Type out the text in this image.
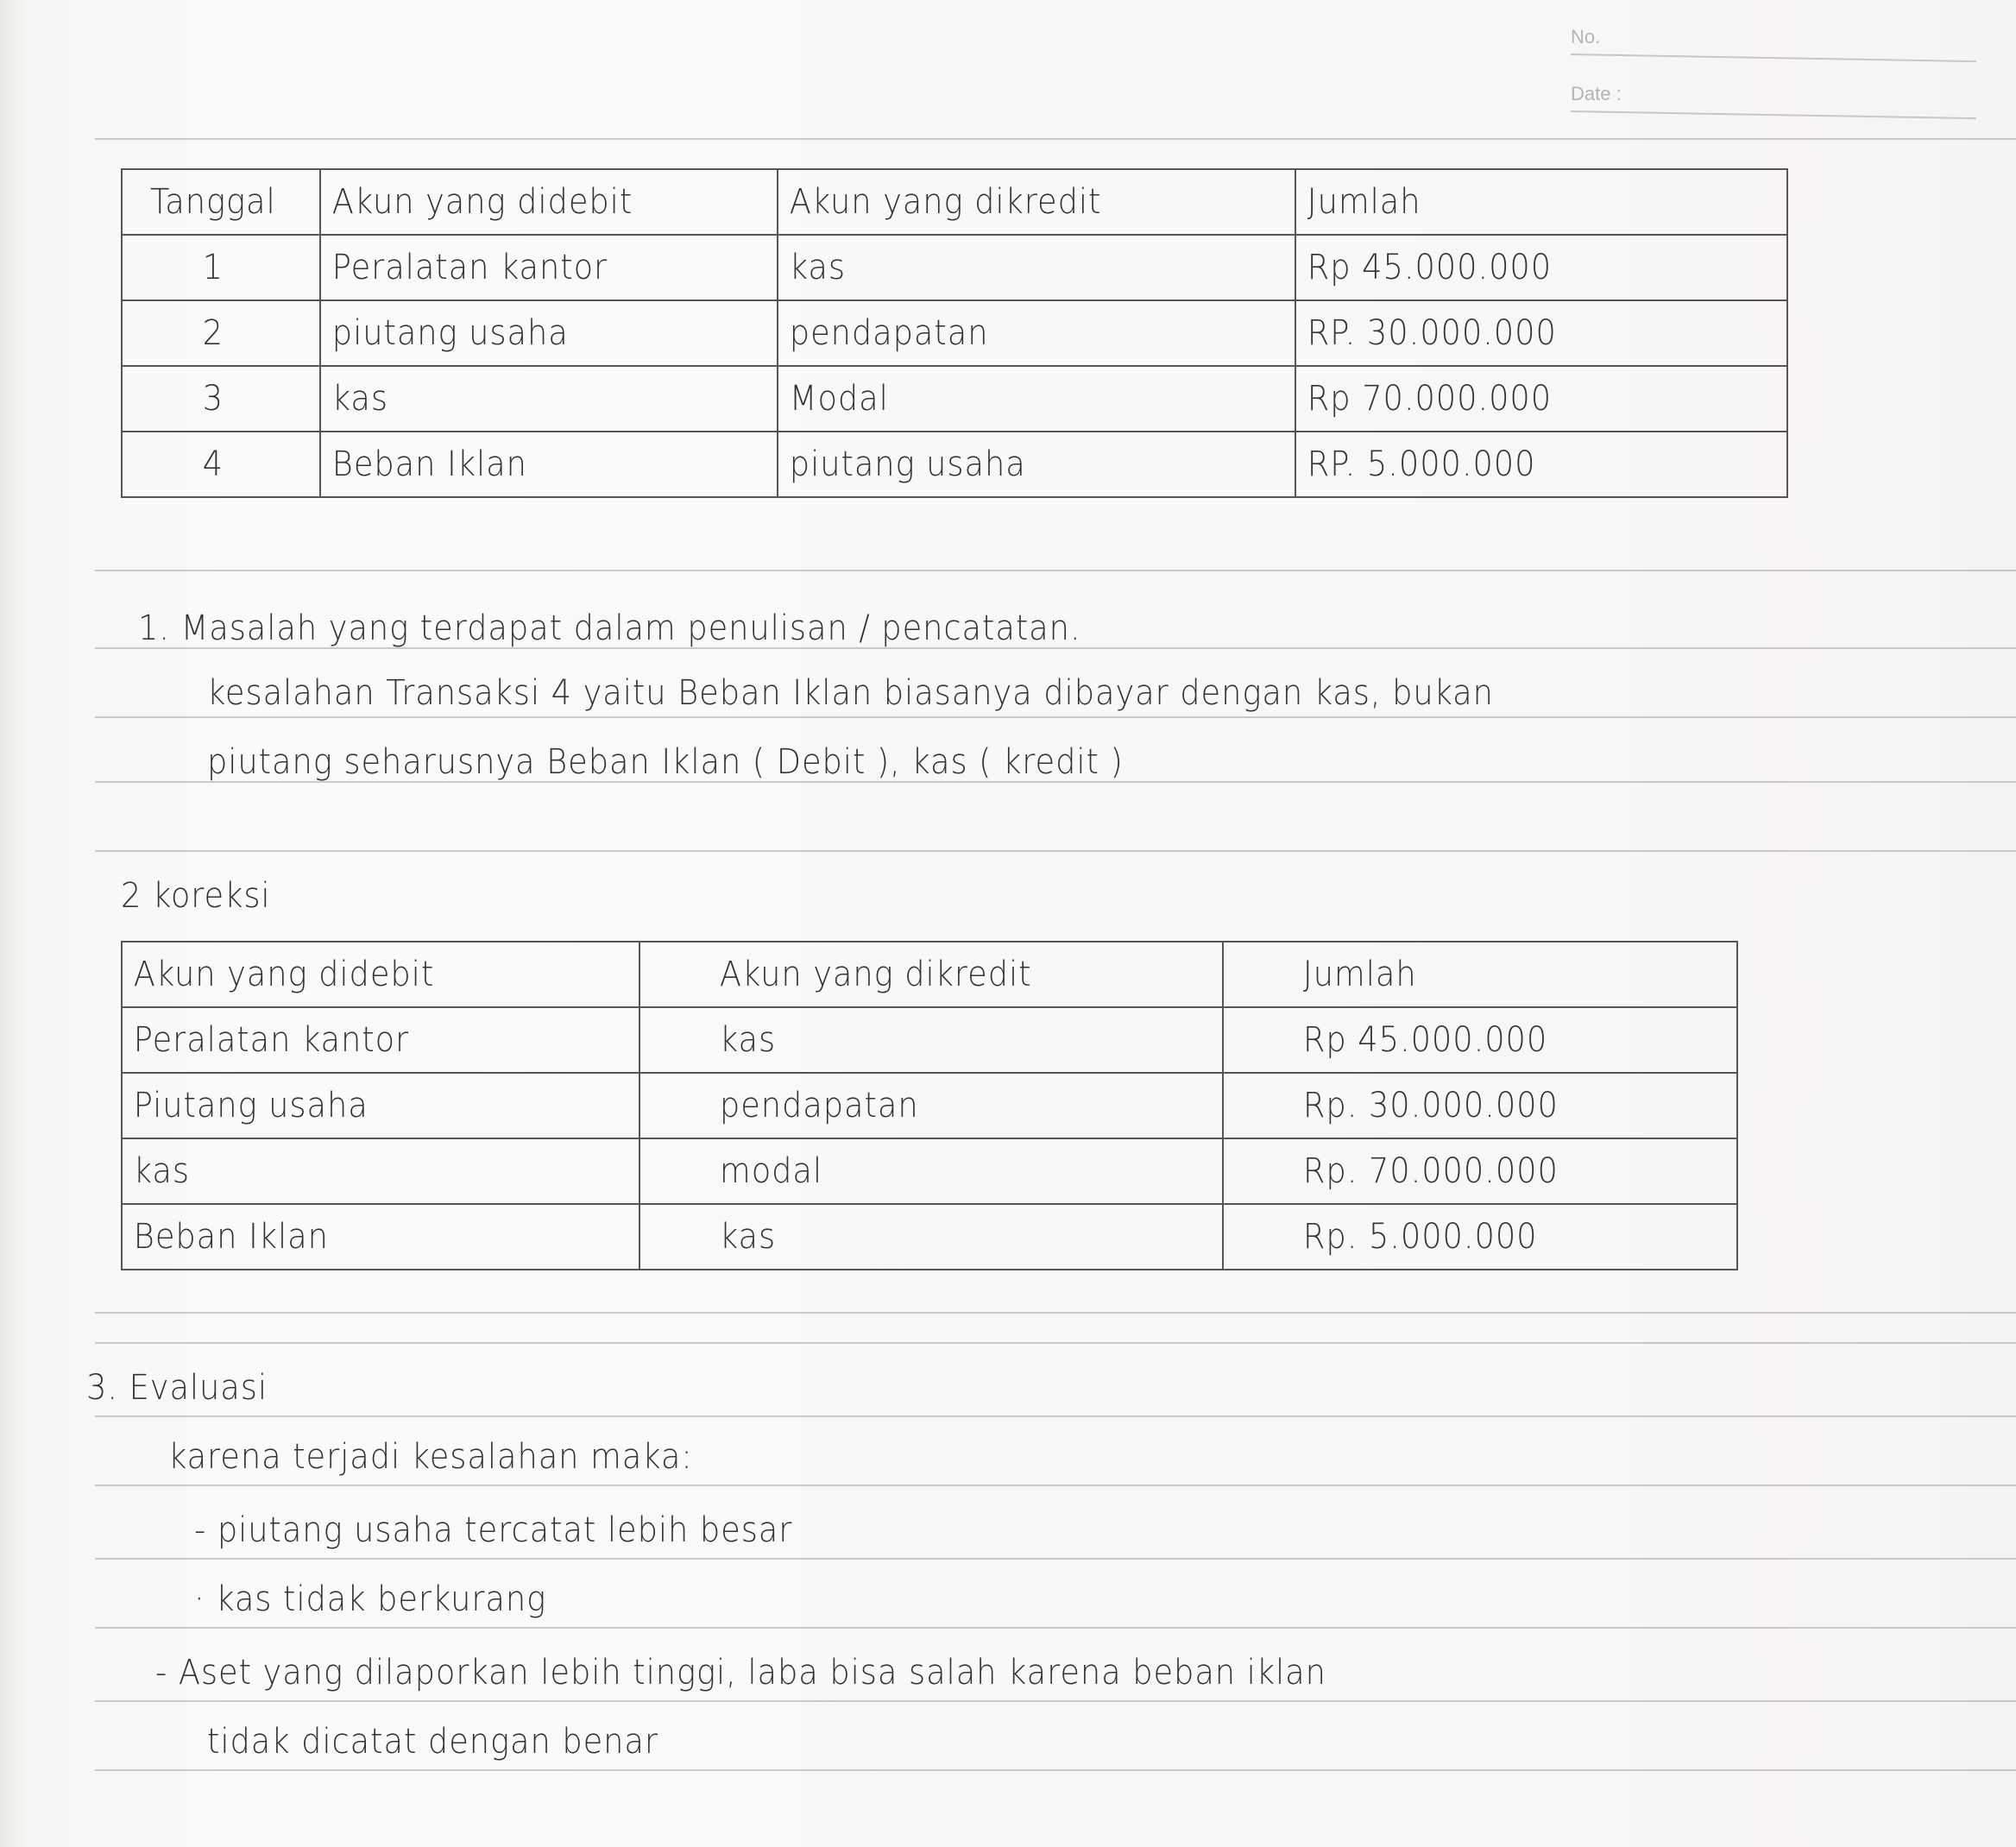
No.
Date :
Tanggal	Akun yang didebit	Akun yang dikredit	Jumlah
1	Peralatan kantor	kas	Rp 45.000.000
2	piutang usaha	pendapatan	RP. 30.000.000
3	kas	Modal	Rp 70.000.000
4	Beban Iklan	piutang usaha	RP. 5.000.000
1. Masalah yang terdapat dalam penulisan / pencatatan.
kesalahan Transaksi 4 yaitu Beban Iklan biasanya dibayar dengan kas, bukan
piutang seharusnya Beban Iklan ( Debit ), kas ( kredit )
2 koreksi
Akun yang didebit	Akun yang dikredit	Jumlah
Peralatan kantor	kas	Rp 45.000.000
Piutang usaha	pendapatan	Rp. 30.000.000
kas	modal	Rp. 70.000.000
Beban Iklan	kas	Rp. 5.000.000
3. Evaluasi
karena terjadi kesalahan maka:
- piutang usaha tercatat lebih besar
· kas tidak berkurang
- Aset yang dilaporkan lebih tinggi, laba bisa salah karena beban iklan
tidak dicatat dengan benar
